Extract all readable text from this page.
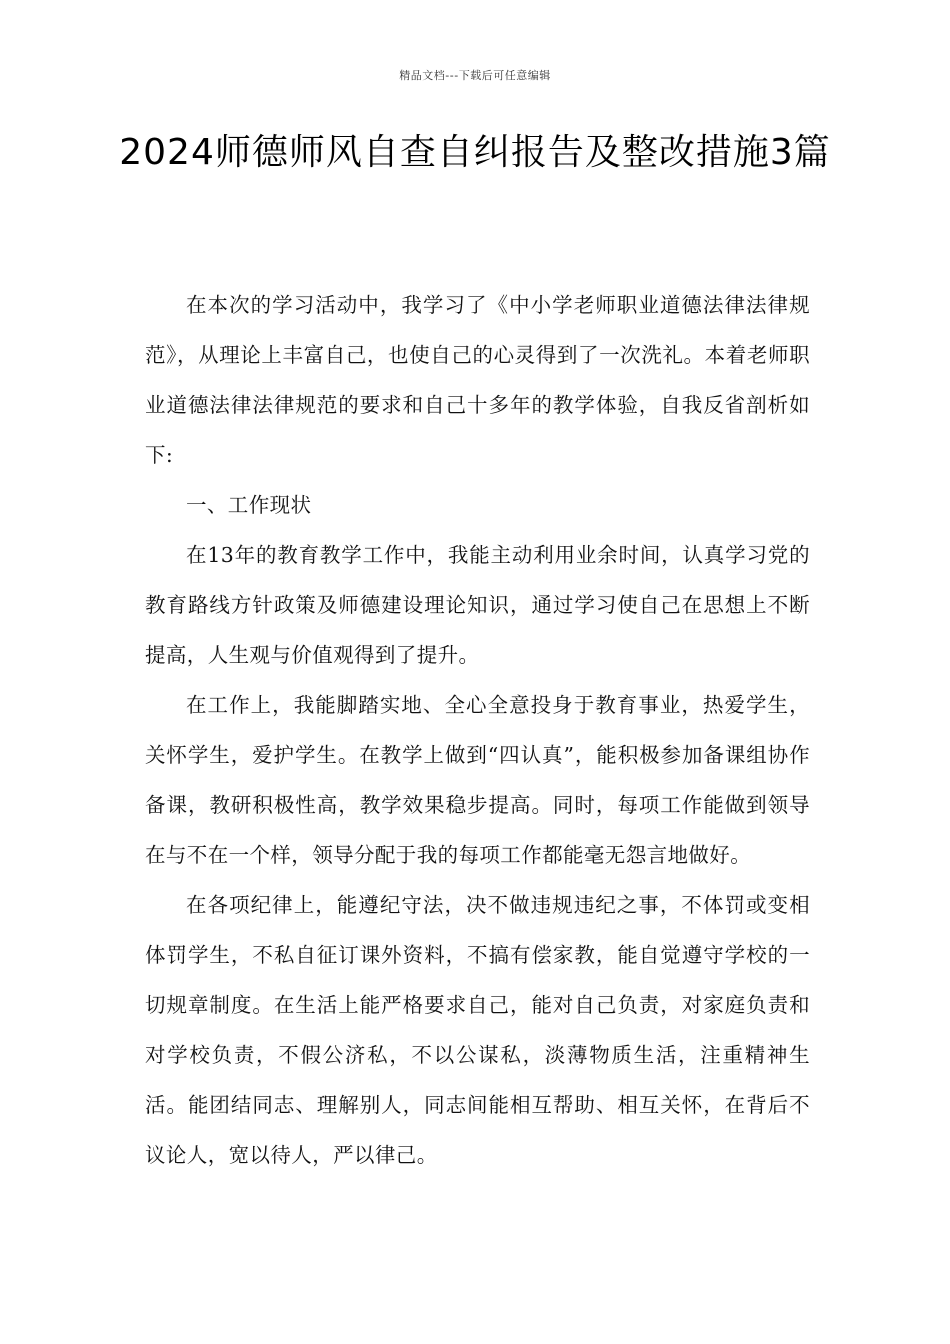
精品文档---下载后可任意编辑
2024师德师风自查自纠报告及整改措施3篇

在本次的学习活动中，我学习了《中小学老师职业道德法律法律规范》，从理论上丰富自己，也使自己的心灵得到了一次洗礼。本着老师职业道德法律法律规范的要求和自己十多年的教学体验，自我反省剖析如下:

一、工作现状

在13年的教育教学工作中，我能主动利用业余时间，认真学习党的教育路线方针政策及师德建设理论知识，通过学习使自己在思想上不断提高，人生观与价值观得到了提升。

在工作上，我能脚踏实地、全心全意投身于教育事业，热爱学生，关怀学生，爱护学生。在教学上做到“四认真”，能积极参加备课组协作备课，教研积极性高，教学效果稳步提高。同时，每项工作能做到领导在与不在一个样，领导分配于我的每项工作都能毫无怨言地做好。

在各项纪律上，能遵纪守法，决不做违规违纪之事，不体罚或变相体罚学生，不私自征订课外资料，不搞有偿家教，能自觉遵守学校的一切规章制度。在生活上能严格要求自己，能对自己负责，对家庭负责和对学校负责，不假公济私，不以公谋私，淡薄物质生活，注重精神生活。能团结同志、理解别人，同志间能相互帮助、相互关怀，在背后不议论人，宽以待人，严以律己。
